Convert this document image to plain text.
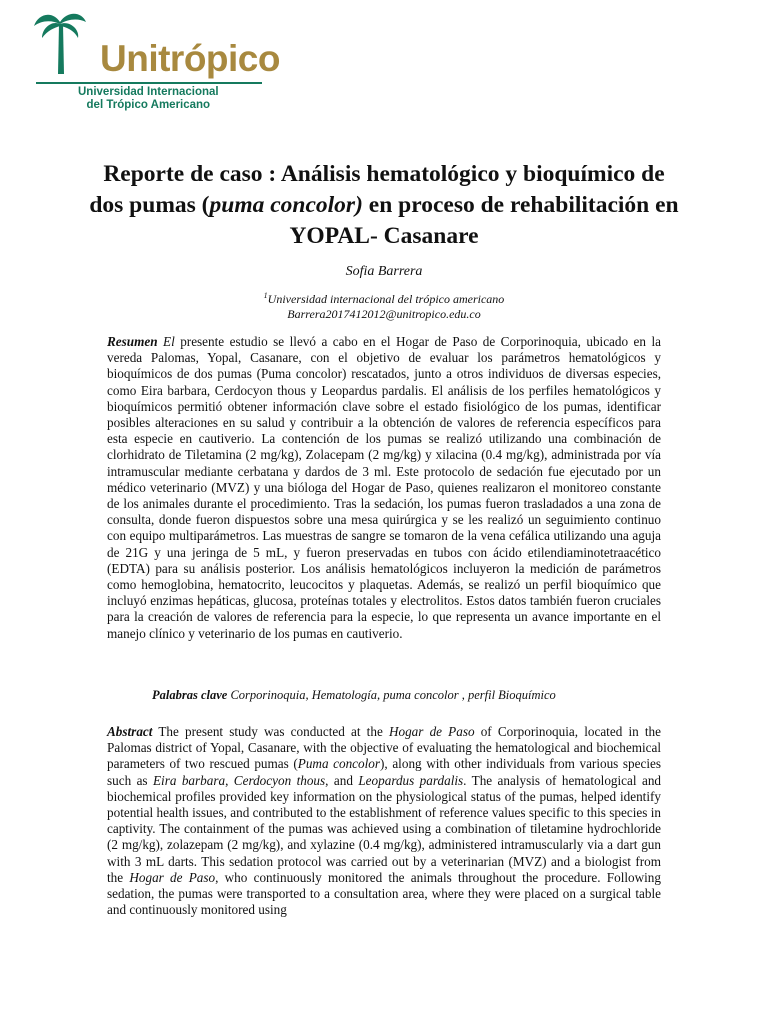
Unitrópico
Universidad Internacional
del Trópico Americano
Reporte de caso : Análisis hematológico y bioquímico de dos pumas (puma concolor) en proceso de rehabilitación en YOPAL- Casanare
Sofia Barrera
$^1$Universidad internacional del trópico americano
Barrera2017412012@unitropico.edu.co

Resumen El presente estudio se llevó a cabo en el Hogar de Paso de Corporinoquia, ubicado en la vereda Palomas, Yopal, Casanare, con el objetivo de evaluar los parámetros hematológicos y bioquímicos de dos pumas (Puma concolor) rescatados, junto a otros individuos de diversas especies, como Eira barbara, Cerdocyon thous y Leopardus pardalis. El análisis de los perfiles hematológicos y bioquímicos permitió obtener información clave sobre el estado fisiológico de los pumas, identificar posibles alteraciones en su salud y contribuir a la obtención de valores de referencia específicos para esta especie en cautiverio. La contención de los pumas se realizó utilizando una combinación de clorhidrato de Tiletamina (2 mg/kg), Zolacepam (2 mg/kg) y xilacina (0.4 mg/kg), administrada por vía intramuscular mediante cerbatana y dardos de 3 ml. Este protocolo de sedación fue ejecutado por un médico veterinario (MVZ) y una bióloga del Hogar de Paso, quienes realizaron el monitoreo constante de los animales durante el procedimiento. Tras la sedación, los pumas fueron trasladados a una zona de consulta, donde fueron dispuestos sobre una mesa quirúrgica y se les realizó un seguimiento continuo con equipo multiparámetros. Las muestras de sangre se tomaron de la vena cefálica utilizando una aguja de 21G y una jeringa de 5 mL, y fueron preservadas en tubos con ácido etilendiaminotetraacético (EDTA) para su análisis posterior. Los análisis hematológicos incluyeron la medición de parámetros como hemoglobina, hematocrito, leucocitos y plaquetas. Además, se realizó un perfil bioquímico que incluyó enzimas hepáticas, glucosa, proteínas totales y electrolitos. Estos datos también fueron cruciales para la creación de valores de referencia para la especie, lo que representa un avance importante en el manejo clínico y veterinario de los pumas en cautiverio.

Palabras clave Corporinoquia, Hematología, puma concolor , perfil Bioquímico

Abstract The present study was conducted at the Hogar de Paso of Corporinoquia, located in the Palomas district of Yopal, Casanare, with the objective of evaluating the hematological and biochemical parameters of two rescued pumas (Puma concolor), along with other individuals from various species such as Eira barbara, Cerdocyon thous, and Leopardus pardalis. The analysis of hematological and biochemical profiles provided key information on the physiological status of the pumas, helped identify potential health issues, and contributed to the establishment of reference values specific to this species in captivity. The containment of the pumas was achieved using a combination of tiletamine hydrochloride (2 mg/kg), zolazepam (2 mg/kg), and xylazine (0.4 mg/kg), administered intramuscularly via a dart gun with 3 mL darts. This sedation protocol was carried out by a veterinarian (MVZ) and a biologist from the Hogar de Paso, who continuously monitored the animals throughout the procedure. Following sedation, the pumas were transported to a consultation area, where they were placed on a surgical table and continuously monitored using
